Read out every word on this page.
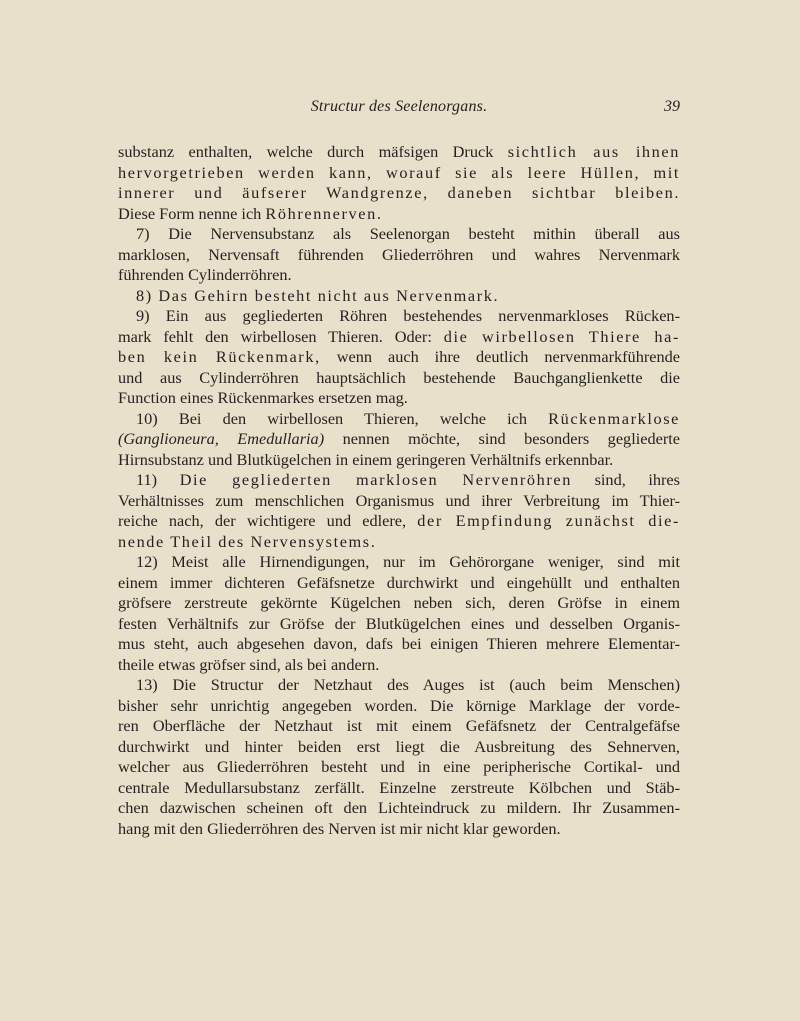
Structur des Seelenorgans.	39
substanz enthalten, welche durch mäfsigen Druck sichtlich aus ihnen
hervorgetrieben werden kann, worauf sie als leere Hüllen, mit
innerer und äufserer Wandgrenze, daneben sichtbar bleiben.
Diese Form nenne ich Röhrennerven.
7) Die Nervensubstanz als Seelenorgan besteht mithin überall aus
marklosen, Nervensaft führenden Gliederröhren und wahres Nervenmark
führenden Cylinderröhren.
8) Das Gehirn besteht nicht aus Nervenmark.
9) Ein aus gegliederten Röhren bestehendes nervenmarkloses Rücken-
mark fehlt den wirbellosen Thieren. Oder: die wirbellosen Thiere ha-
ben kein Rückenmark, wenn auch ihre deutlich nervenmarkführende
und aus Cylinderröhren hauptsächlich bestehende Bauchganglienkette die
Function eines Rückenmarkes ersetzen mag.
10) Bei den wirbellosen Thieren, welche ich Rückenmarklose
(Ganglioneura, Emedullaria) nennen möchte, sind besonders gegliederte
Hirnsubstanz und Blutkügelchen in einem geringeren Verhältnifs erkennbar.
11) Die gegliederten marklosen Nervenröhren sind, ihres
Verhältnisses zum menschlichen Organismus und ihrer Verbreitung im Thier-
reiche nach, der wichtigere und edlere, der Empfindung zunächst die-
nende Theil des Nervensystems.
12) Meist alle Hirnendigungen, nur im Gehörorgane weniger, sind mit
einem immer dichteren Gefäfsnetze durchwirkt und eingehüllt und enthalten
gröfsere zerstreute gekörnte Kügelchen neben sich, deren Gröfse in einem
festen Verhältnifs zur Gröfse der Blutkügelchen eines und desselben Organis-
mus steht, auch abgesehen davon, dafs bei einigen Thieren mehrere Elementar-
theile etwas gröfser sind, als bei andern.
13) Die Structur der Netzhaut des Auges ist (auch beim Menschen)
bisher sehr unrichtig angegeben worden. Die körnige Marklage der vorde-
ren Oberfläche der Netzhaut ist mit einem Gefäfsnetz der Centralgefäfse
durchwirkt und hinter beiden erst liegt die Ausbreitung des Sehnerven,
welcher aus Gliederröhren besteht und in eine peripherische Cortikal- und
centrale Medullarsubstanz zerfällt. Einzelne zerstreute Kölbchen und Stäb-
chen dazwischen scheinen oft den Lichteindruck zu mildern. Ihr Zusammen-
hang mit den Gliederröhren des Nerven ist mir nicht klar geworden.
